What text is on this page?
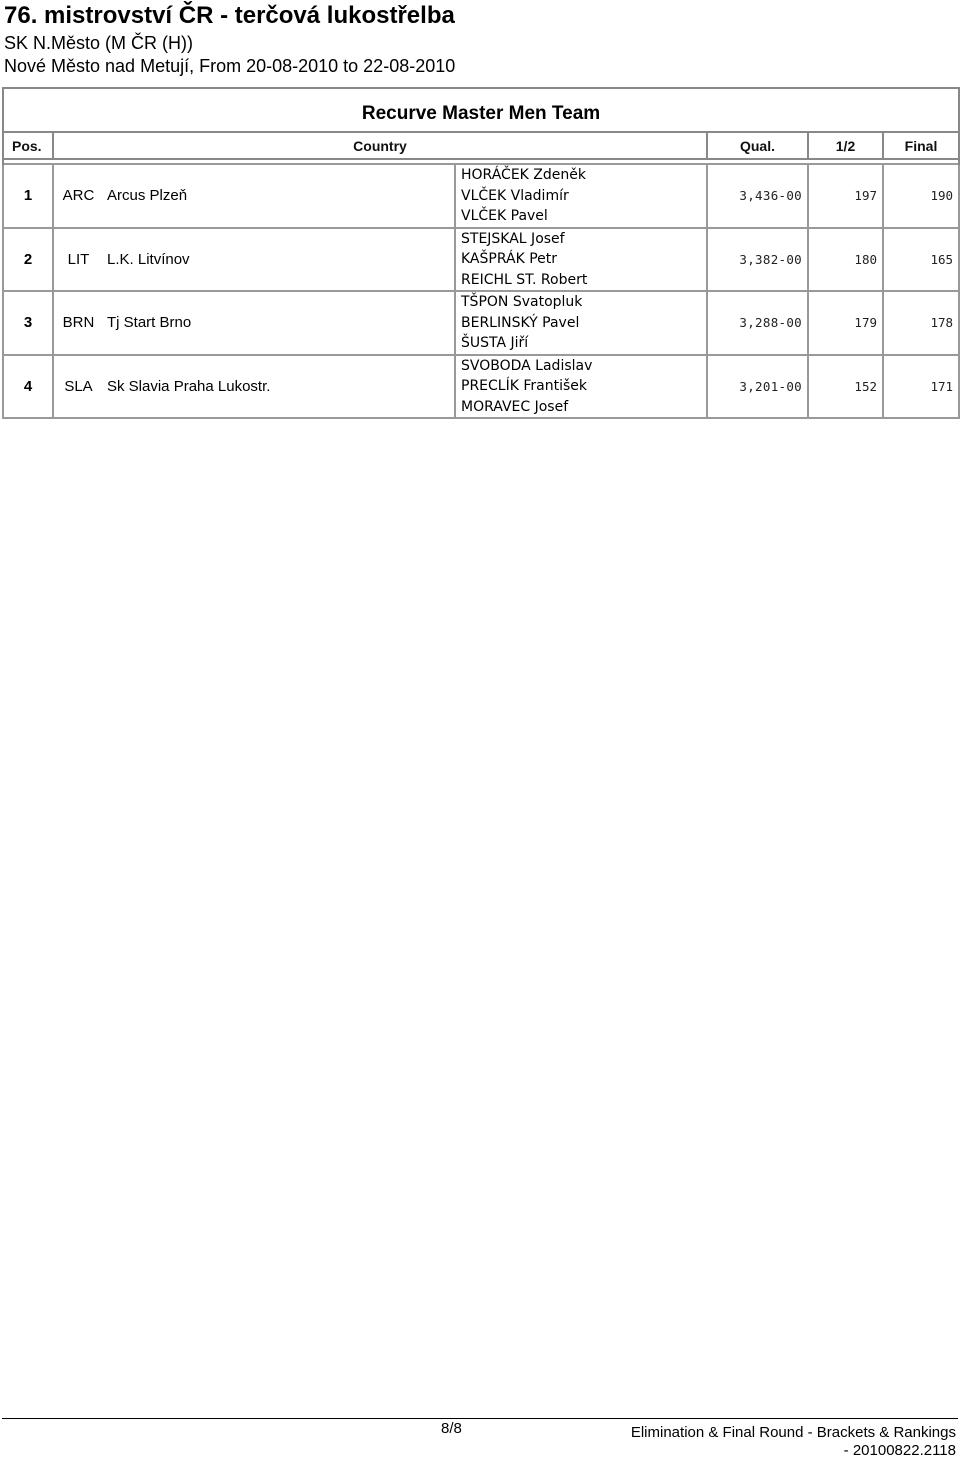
76. mistrovství ČR - terčová lukostřelba
SK N.Město (M ČR (H))
Nové Město nad Metují, From 20-08-2010 to 22-08-2010
Recurve Master Men Team					
Pos.	Country		Qual.	1/2	Final

1	ARC Arcus Plzeň	HORÁČEK Zdeněk
VLČEK Vladimír
VLČEK Pavel	3,436-00	197	190
2	LIT L.K. Litvínov	STEJSKAL Josef
KAŠPRÁK Petr
REICHL ST. Robert	3,382-00	180	165
3	BRN Tj Start Brno	TŠPON Svatopluk
BERLINSKÝ Pavel
ŠUSTA Jiří	3,288-00	179	178
4	SLA Sk Slavia Praha Lukostr.	SVOBODA Ladislav
PRECLÍK František
MORAVEC Josef	3,201-00	152	171
8/8	Elimination & Final Round - Brackets & Rankings
- 20100822.2118
